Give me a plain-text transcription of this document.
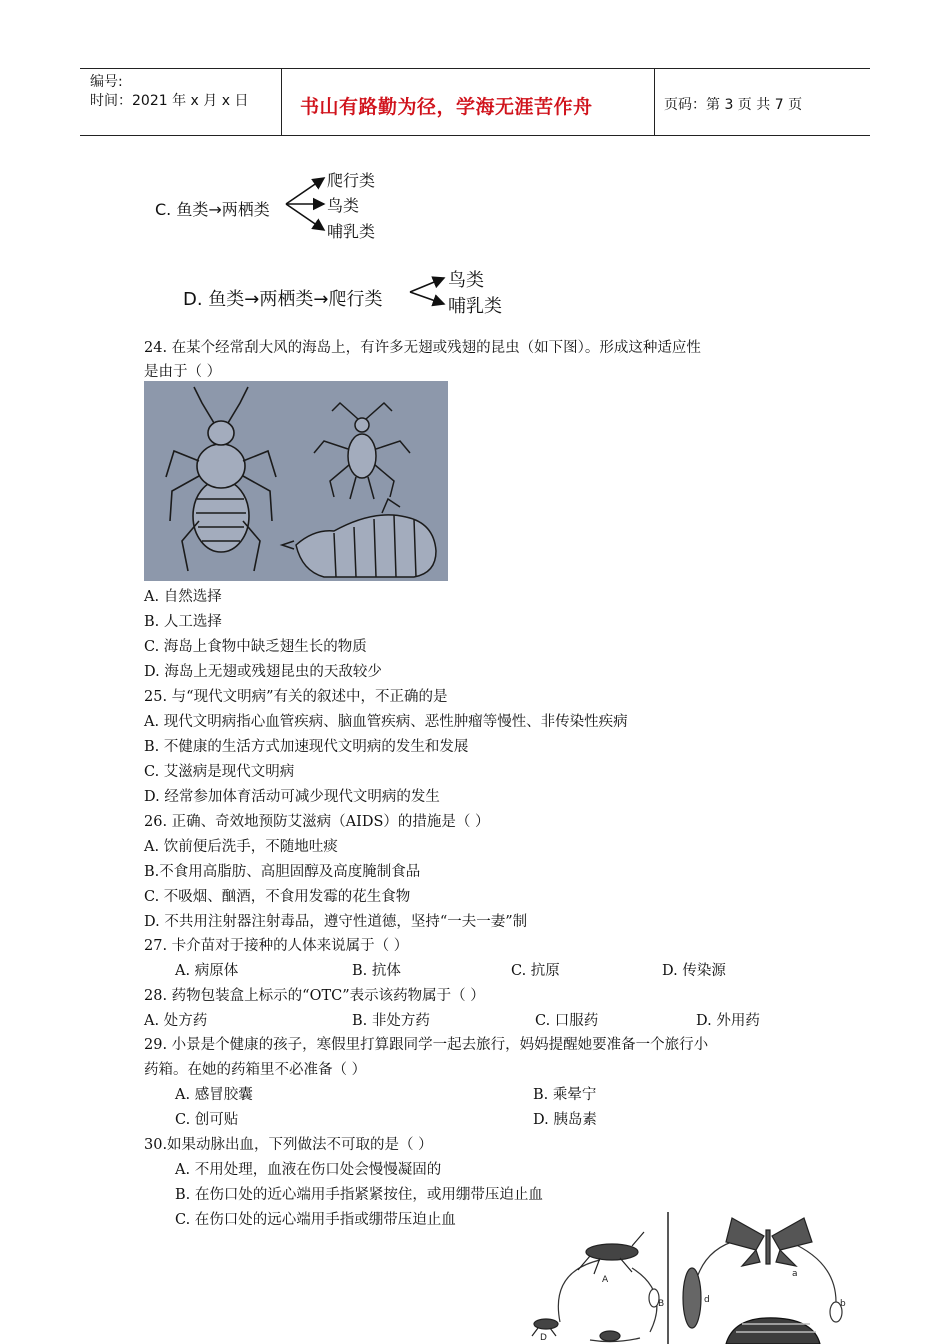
编号:
时间：2021 年 x 月 x 日	书山有路勤为径，学海无涯苦作舟	页码：第 3 页 共 7 页
C. 鱼类→两栖类
爬行类
鸟类
哺乳类
D. 鱼类→两栖类→爬行类
鸟类
哺乳类
24. 在某个经常刮大风的海岛上，有许多无翅或残翅的昆虫（如下图）。形成这种适应性
是由于（ ）
A. 自然选择
B. 人工选择
C. 海岛上食物中缺乏翅生长的物质
D. 海岛上无翅或残翅昆虫的天敌较少
25. 与“现代文明病”有关的叙述中，不正确的是
A. 现代文明病指心血管疾病、脑血管疾病、恶性肿瘤等慢性、非传染性疾病
B. 不健康的生活方式加速现代文明病的发生和发展
C. 艾滋病是现代文明病
D. 经常参加体育活动可减少现代文明病的发生
26. 正确、奇效地预防艾滋病（AIDS）的措施是（ ）
A. 饮前便后洗手，不随地吐痰
B.不食用高脂肪、高胆固醇及高度腌制食品
C. 不吸烟、酗酒，不食用发霉的花生食物
D. 不共用注射器注射毒品，遵守性道德，坚持“一夫一妻”制
27. 卡介苗对于接种的人体来说属于（ ）
A. 病原体	B. 抗体	C. 抗原	D. 传染源
28. 药物包装盒上标示的“OTC”表示该药物属于（ ）
A. 处方药	B. 非处方药	C. 口服药	D. 外用药
29. 小景是个健康的孩子，寒假里打算跟同学一起去旅行，妈妈提醒她要准备一个旅行小
药箱。在她的药箱里不必准备（ ）
A. 感冒胶囊	B. 乘晕宁
C. 创可贴	D. 胰岛素
30.如果动脉出血，下列做法不可取的是（ ）
A. 不用处理，血液在伤口处会慢慢凝固的
B. 在伤口处的近心端用手指紧紧按住，或用绷带压迫止血
C. 在伤口处的远心端用手指或绷带压迫止血
A
B
D
a
b
d
